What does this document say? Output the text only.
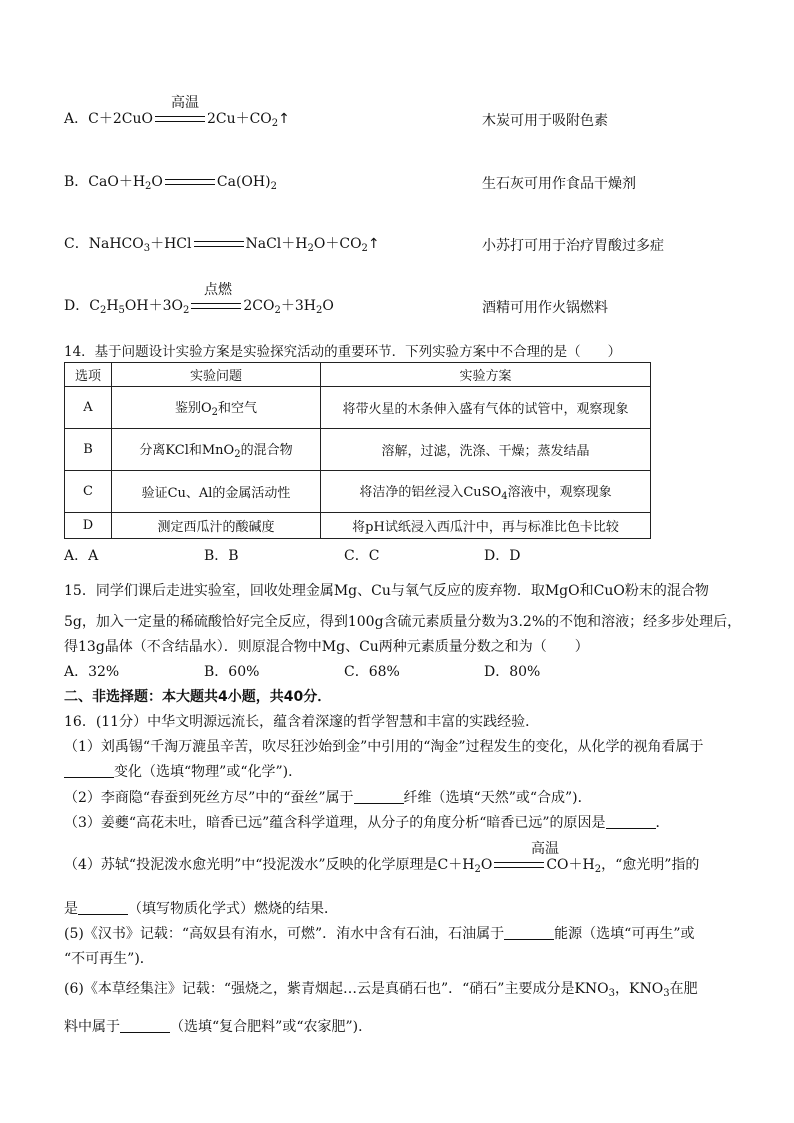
高温
A．C＋2CuO	$2Cu+CO_2↑$	木炭可用于吸附色素
B．$CaO+H_2O$	$Ca(OH)_2$	生石灰可用作食品干燥剂
C．NaHCO$_3$＋HCl	$NaCl+H_2O+CO_2↑$	小苏打可用于治疗胃酸过多症
点燃
D．$C_2H_5OH+3O_2$	$2CO_2+3H_2O$	酒精可用作火锅燃料
14．基于问题设计实验方案是实验探究活动的重要环节．下列实验方案中不合理的是（　　）
选项	实验问题	实验方案
A	鉴别$O_2$和空气	将带火星的木条伸入盛有气体的试管中，观察现象
B	分离KCl和MnO$_2$的混合物	溶解，过滤，洗涤、干燥；蒸发结晶
C	验证Cu、Al的金属活动性	将洁净的铝丝浸入CuSO$_4$溶液中，观察现象
D	测定西瓜汁的酸碱度	将pH试纸浸入西瓜汁中，再与标准比色卡比较
A．A	B．B	C．C	D．D
15．同学们课后走进实验室，回收处理金属Mg、Cu与氧气反应的废弃物．取MgO和CuO粉末的混合物
5g，加入一定量的稀硫酸恰好完全反应，得到100g含硫元素质量分数为3.2%的不饱和溶液；经多步处理后，
得13g晶体（不含结晶水）．则原混合物中Mg、Cu两种元素质量分数之和为（　　）
A．32%	B．60%	C．68%	D．80%
二、非选择题：本大题共4小题，共40分．
16．(11分）中华文明源远流长，蕴含着深邃的哲学智慧和丰富的实践经验．
（1）刘禹锡“千淘万漉虽辛苦，吹尽狂沙始到金”中引用的“淘金”过程发生的变化，从化学的视角看属于
变化（选填“物理”或“化学”)．
（2）李商隐“春蚕到死丝方尽”中的“蚕丝”属于	纤维（选填“天然”或“合成”)．
（3）姜夔“高花未吐，暗香已远”蕴含科学道理，从分子的角度分析“暗香已远”的原因是	．
高温
（4）苏轼“投泥泼水愈光明”中“投泥泼水”反映的化学原理是$C+H_2O$	$CO+H_2$，“愈光明”指的
是	（填写物质化学式）燃烧的结果．
(5)《汉书》记载：“高奴县有洧水，可燃”．洧水中含有石油，石油属于	能源（选填“可再生”或
“不可再生”)．
(6)《本草经集注》记载：“强烧之，紫青烟起…云是真硝石也”．“硝石”主要成分是$KNO_3$，$KNO_3$在肥
料中属于	（选填“复合肥料”或“农家肥”)．
